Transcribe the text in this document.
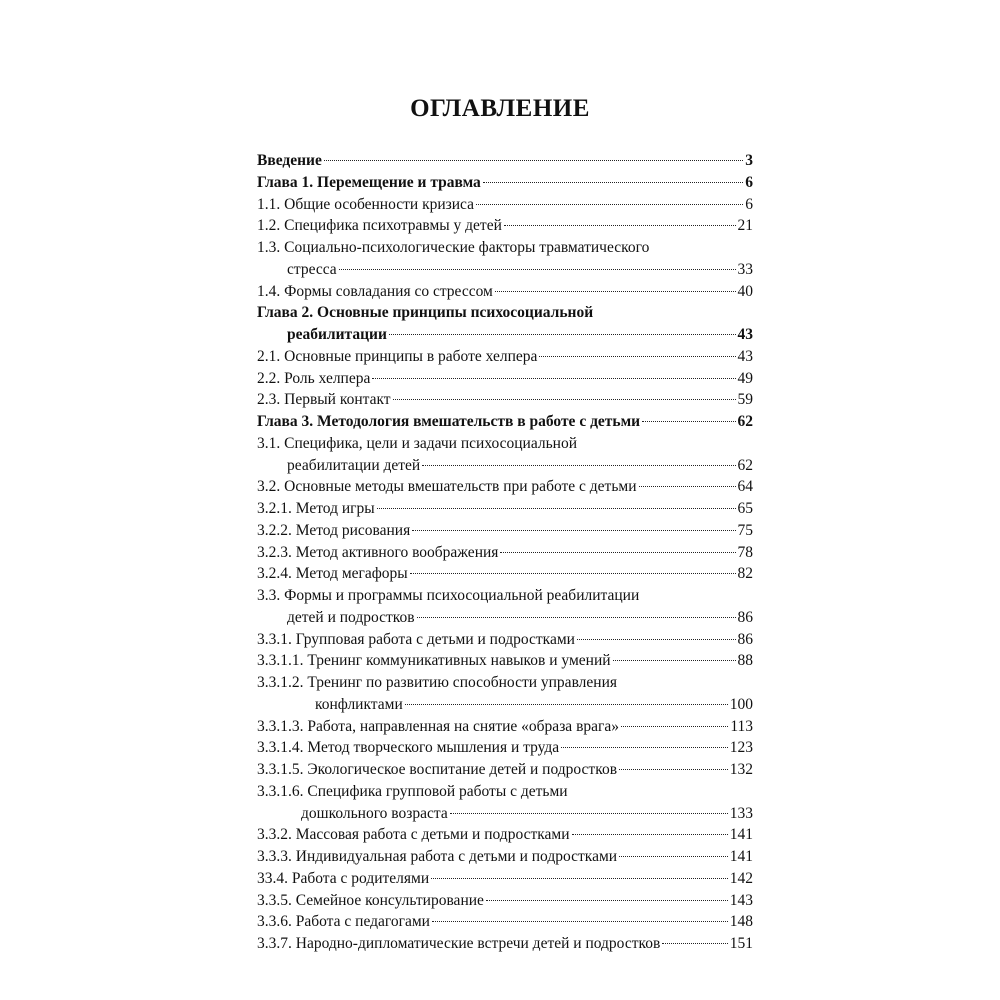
ОГЛАВЛЕНИЕ
Введение	3
Глава 1. Перемещение и травма	6
1.1. Общие особенности кризиса	6
1.2. Специфика психотравмы у детей	21
1.3. Социально-психологические факторы травматического
стресса	33
1.4. Формы совладания со стрессом	40
Глава 2. Основные принципы психосоциальной
реабилитации	43
2.1. Основные принципы в работе хелпера	43
2.2. Роль хелпера	49
2.3. Первый контакт	59
Глава 3. Методология вмешательств в работе с детьми	62
3.1. Специфика, цели и задачи психосоциальной
реабилитации детей	62
3.2. Основные методы вмешательств при работе с детьми	64
3.2.1. Метод игры	65
3.2.2. Метод рисования	75
3.2.3. Метод активного воображения	78
3.2.4. Метод мегафоры	82
3.3. Формы и программы психосоциальной реабилитации
детей и подростков	86
3.3.1. Групповая работа с детьми и подростками	86
3.3.1.1. Тренинг коммуникативных навыков и умений	88
3.3.1.2. Тренинг по развитию способности управления
конфликтами	100
3.3.1.3. Работа, направленная на снятие «образа врага»	113
3.3.1.4. Метод творческого мышления и труда	123
3.3.1.5. Экологическое воспитание детей и подростков	132
3.3.1.6. Специфика групповой работы с детьми
дошкольного возраста	133
3.3.2. Массовая работа с детьми и подростками	141
3.3.3. Индивидуальная работа с детьми и подростками	141
33.4. Работа с родителями	142
3.3.5. Семейное консультирование	143
3.3.6. Работа с педагогами	148
3.3.7. Народно-дипломатические встречи детей и подростков	151
